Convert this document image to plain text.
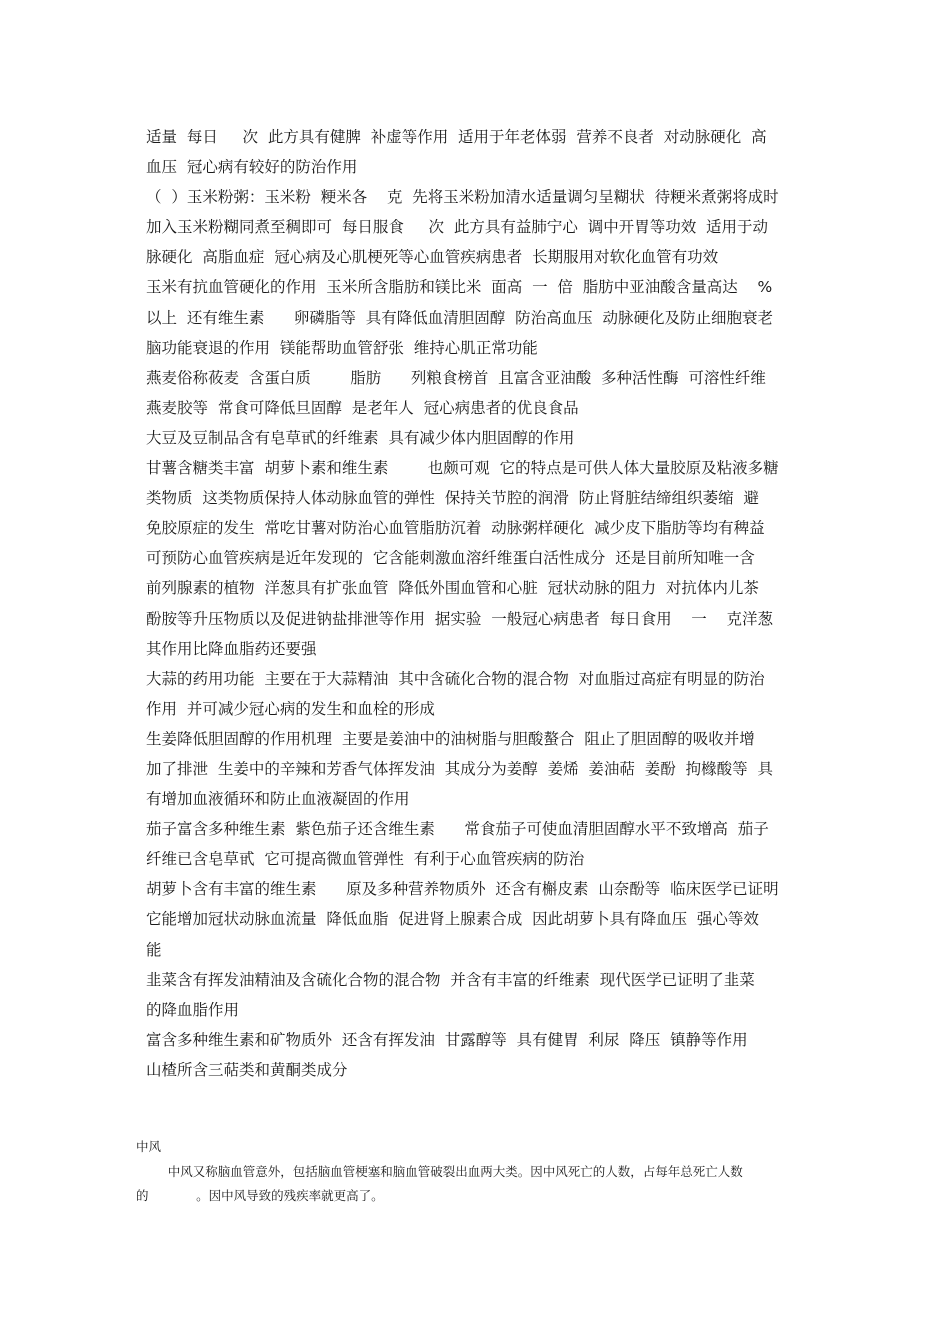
适量  每日     次  此方具有健脾  补虚等作用  适用于年老体弱  营养不良者  对动脉硬化  高
血压  冠心病有较好的防治作用
（  ）玉米粉粥：玉米粉  粳米各    克  先将玉米粉加清水适量调匀呈糊状  待粳米煮粥将成时
加入玉米粉糊同煮至稠即可  每日服食     次  此方具有益肺宁心  调中开胃等功效  适用于动
脉硬化  高脂血症  冠心病及心肌梗死等心血管疾病患者  长期服用对软化血管有功效
玉米有抗血管硬化的作用  玉米所含脂肪和镁比米  面高  一  倍  脂肪中亚油酸含量高达    %
以上  还有维生素      卵磷脂等  具有降低血清胆固醇  防治高血压  动脉硬化及防止细胞衰老
脑功能衰退的作用  镁能帮助血管舒张  维持心肌正常功能
燕麦俗称莜麦  含蛋白质        脂肪      列粮食榜首  且富含亚油酸  多种活性酶  可溶性纤维
燕麦胶等  常食可降低旦固醇  是老年人  冠心病患者的优良食品
大豆及豆制品含有皂草甙的纤维素  具有减少体内胆固醇的作用
甘薯含糖类丰富  胡萝卜素和维生素        也颇可观  它的特点是可供人体大量胶原及粘液多糖
类物质  这类物质保持人体动脉血管的弹性  保持关节腔的润滑  防止肾脏结缔组织萎缩  避
免胶原症的发生  常吃甘薯对防治心血管脂肪沉着  动脉粥样硬化  减少皮下脂肪等均有稗益
可预防心血管疾病是近年发现的  它含能刺激血溶纤维蛋白活性成分  还是目前所知唯一含
前列腺素的植物  洋葱具有扩张血管  降低外围血管和心脏  冠状动脉的阻力  对抗体内儿茶
酚胺等升压物质以及促进钠盐排泄等作用  据实验  一般冠心病患者  每日食用    一    克洋葱
其作用比降血脂药还要强
大蒜的药用功能  主要在于大蒜精油  其中含硫化合物的混合物  对血脂过高症有明显的防治
作用  并可减少冠心病的发生和血栓的形成
生姜降低胆固醇的作用机理  主要是姜油中的油树脂与胆酸螯合  阻止了胆固醇的吸收并增
加了排泄  生姜中的辛辣和芳香气体挥发油  其成分为姜醇  姜烯  姜油萜  姜酚  拘橼酸等  具
有增加血液循环和防止血液凝固的作用
茄子富含多种维生素  紫色茄子还含维生素      常食茄子可使血清胆固醇水平不致增高  茄子
纤维已含皂草甙  它可提高微血管弹性  有利于心血管疾病的防治
胡萝卜含有丰富的维生素      原及多种营养物质外  还含有槲皮素  山奈酚等  临床医学已证明
它能增加冠状动脉血流量  降低血脂  促进肾上腺素合成  因此胡萝卜具有降血压  强心等效
能
韭菜含有挥发油精油及含硫化合物的混合物  并含有丰富的纤维素  现代医学已证明了韭菜
的降血脂作用
富含多种维生素和矿物质外  还含有挥发油  甘露醇等  具有健胃  利尿  降压  镇静等作用
山楂所含三萜类和黄酮类成分
中风
中风又称脑血管意外，包括脑血管梗塞和脑血管破裂出血两大类。因中风死亡的人数，占每年总死亡人数
的            。因中风导致的残疾率就更高了。
